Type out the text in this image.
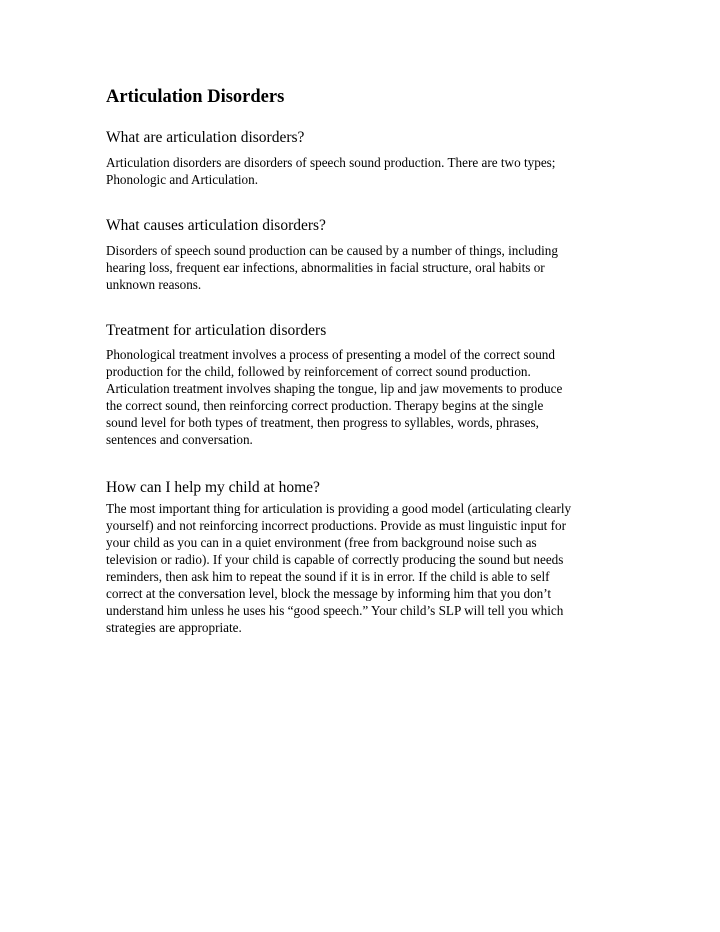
Articulation Disorders
What are articulation disorders?

Articulation disorders are disorders of speech sound production. There are two types;
Phonologic and Articulation.

What causes articulation disorders?

Disorders of speech sound production can be caused by a number of things, including
hearing loss, frequent ear infections, abnormalities in facial structure, oral habits or
unknown reasons.

Treatment for articulation disorders

Phonological treatment involves a process of presenting a model of the correct sound
production for the child, followed by reinforcement of correct sound production.
Articulation treatment involves shaping the tongue, lip and jaw movements to produce
the correct sound, then reinforcing correct production. Therapy begins at the single
sound level for both types of treatment, then progress to syllables, words, phrases,
sentences and conversation.

How can I help my child at home?

The most important thing for articulation is providing a good model (articulating clearly
yourself) and not reinforcing incorrect productions. Provide as must linguistic input for
your child as you can in a quiet environment (free from background noise such as
television or radio). If your child is capable of correctly producing the sound but needs
reminders, then ask him to repeat the sound if it is in error. If the child is able to self
correct at the conversation level, block the message by informing him that you don’t
understand him unless he uses his “good speech.” Your child’s SLP will tell you which
strategies are appropriate.
